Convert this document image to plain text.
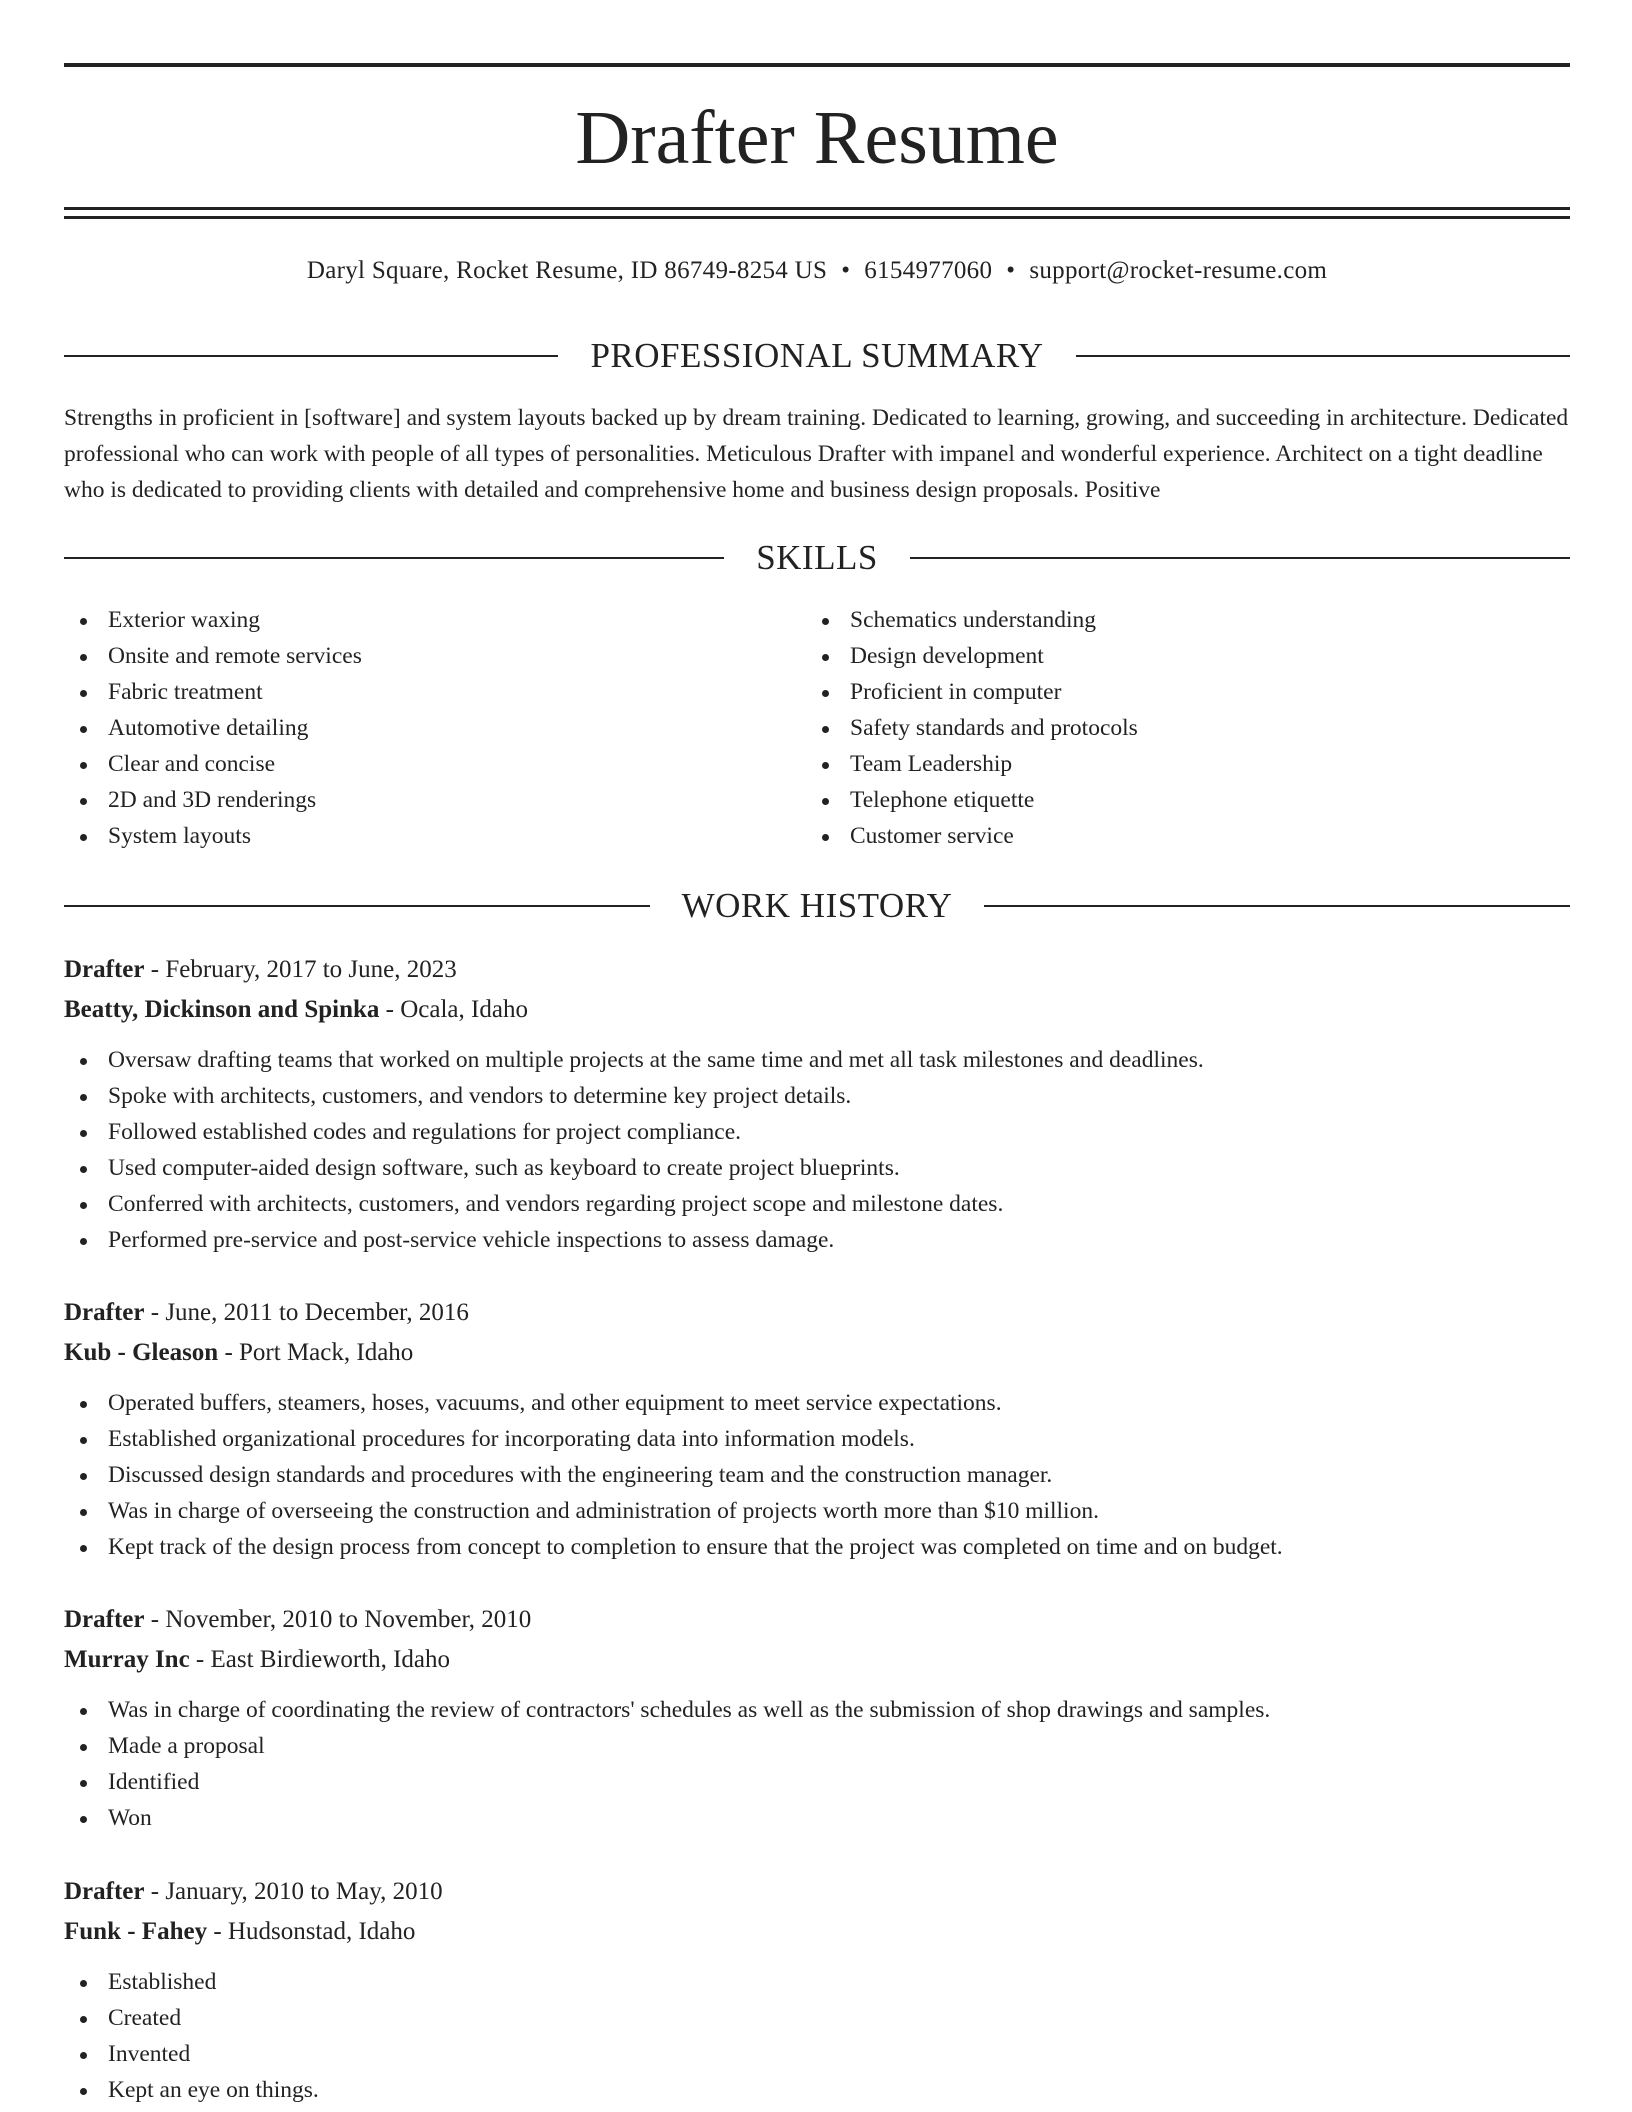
Drafter Resume
Daryl Square, Rocket Resume, ID 86749-8254 US • 6154977060 • support@rocket-resume.com
PROFESSIONAL SUMMARY
Strengths in proficient in [software] and system layouts backed up by dream training. Dedicated to learning, growing, and succeeding in architecture. Dedicated professional who can work with people of all types of personalities. Meticulous Drafter with impanel and wonderful experience. Architect on a tight deadline who is dedicated to providing clients with detailed and comprehensive home and business design proposals. Positive
SKILLS
Exterior waxing
Onsite and remote services
Fabric treatment
Automotive detailing
Clear and concise
2D and 3D renderings
System layouts
Schematics understanding
Design development
Proficient in computer
Safety standards and protocols
Team Leadership
Telephone etiquette
Customer service
WORK HISTORY
Drafter - February, 2017 to June, 2023
Beatty, Dickinson and Spinka - Ocala, Idaho
Oversaw drafting teams that worked on multiple projects at the same time and met all task milestones and deadlines.
Spoke with architects, customers, and vendors to determine key project details.
Followed established codes and regulations for project compliance.
Used computer-aided design software, such as keyboard to create project blueprints.
Conferred with architects, customers, and vendors regarding project scope and milestone dates.
Performed pre-service and post-service vehicle inspections to assess damage.
Drafter - June, 2011 to December, 2016
Kub - Gleason - Port Mack, Idaho
Operated buffers, steamers, hoses, vacuums, and other equipment to meet service expectations.
Established organizational procedures for incorporating data into information models.
Discussed design standards and procedures with the engineering team and the construction manager.
Was in charge of overseeing the construction and administration of projects worth more than $10 million.
Kept track of the design process from concept to completion to ensure that the project was completed on time and on budget.
Drafter - November, 2010 to November, 2010
Murray Inc - East Birdieworth, Idaho
Was in charge of coordinating the review of contractors' schedules as well as the submission of shop drawings and samples.
Made a proposal
Identified
Won
Drafter - January, 2010 to May, 2010
Funk - Fahey - Hudsonstad, Idaho
Established
Created
Invented
Kept an eye on things.
